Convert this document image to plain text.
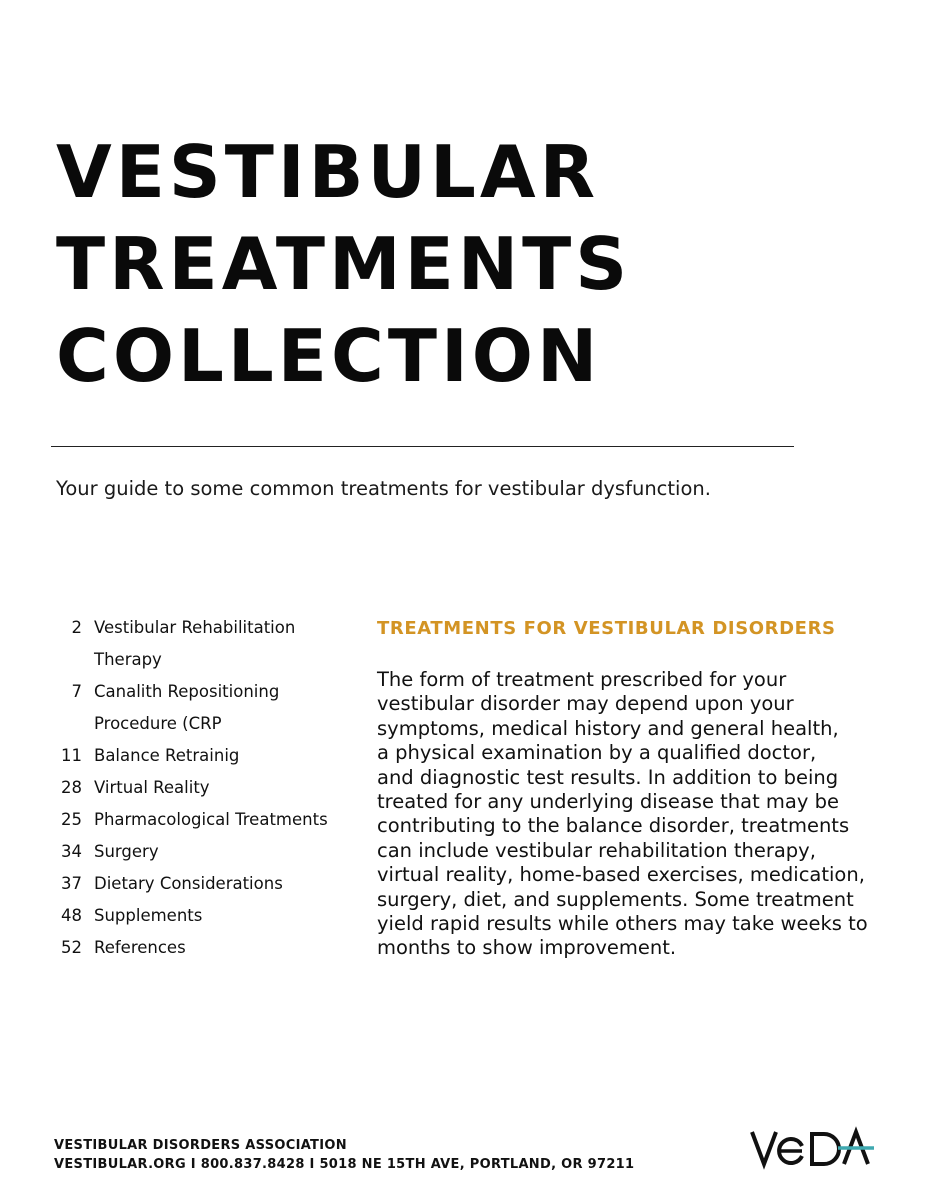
VESTIBULAR
TREATMENTS
COLLECTION

Your guide to some common treatments for vestibular dysfunction.

2 Vestibular Rehabilitation
Therapy
7 Canalith Repositioning
Procedure (CRP
11 Balance Retrainig
28 Virtual Reality
25 Pharmacological Treatments
34 Surgery
37 Dietary Considerations
48 Supplements
52 References
TREATMENTS FOR VESTIBULAR DISORDERS

The form of treatment prescribed for your
vestibular disorder may depend upon your
symptoms, medical history and general health,
a physical examination by a qualified doctor,
and diagnostic test results. In addition to being
treated for any underlying disease that may be
contributing to the balance disorder, treatments
can include vestibular rehabilitation therapy,
virtual reality, home-based exercises, medication,
surgery, diet, and supplements. Some treatment
yield rapid results while others may take weeks to
months to show improvement.

VESTIBULAR DISORDERS ASSOCIATION
VESTIBULAR.ORG I 800.837.8428 I 5018 NE 15TH AVE, PORTLAND, OR 97211
